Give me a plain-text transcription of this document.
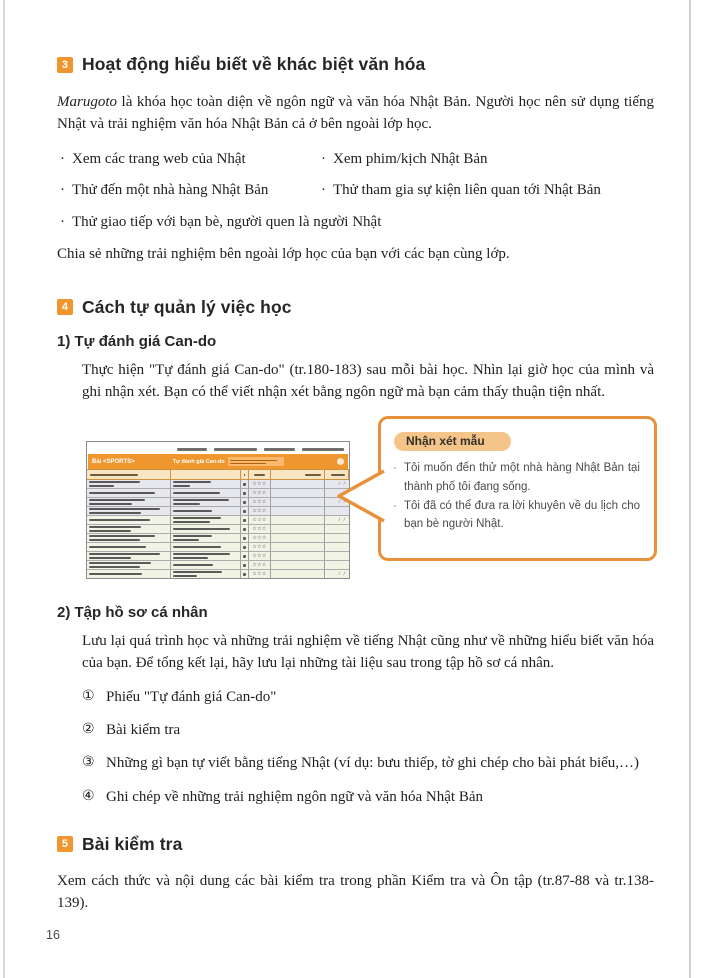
3 Hoạt động hiểu biết về khác biệt văn hóa

Marugoto là khóa học toàn diện về ngôn ngữ và văn hóa Nhật Bản. Người học nên sử dụng tiếng Nhật và trải nghiệm văn hóa Nhật Bản cả ở bên ngoài lớp học.

· Xem các trang web của Nhật	· Xem phim/kịch Nhật Bản
· Thử đến một nhà hàng Nhật Bản	· Thử tham gia sự kiện liên quan tới Nhật Bản
· Thử giao tiếp với bạn bè, người quen là người Nhật

Chia sẻ những trải nghiệm bên ngoài lớp học của bạn với các bạn cùng lớp.

4 Cách tự quản lý việc học
1) Tự đánh giá Can-do

Thực hiện "Tự đánh giá Can-do" (tr.180-183) sau mỗi bài học. Nhìn lại giờ học của mình và ghi nhận xét. Bạn có thể viết nhận xét bằng ngôn ngữ mà bạn cảm thấy thuận tiện nhất.

Bài <SPORTS>	Tự đánh giá Can-do
☆☆☆	/ /
☆☆☆
☆☆☆	/ /
☆☆☆
☆☆☆	/ /
☆☆☆
☆☆☆
☆☆☆
☆☆☆
☆☆☆
☆☆☆	/ /
Nhận xét mẫu
· Tôi muốn đến thử một nhà hàng Nhật Bản tại thành phố tôi đang sống.
· Tôi đã có thể đưa ra lời khuyên về du lịch cho bạn bè người Nhật.
2) Tập hồ sơ cá nhân

Lưu lại quá trình học và những trải nghiệm về tiếng Nhật cũng như về những hiểu biết văn hóa của bạn. Để tổng kết lại, hãy lưu lại những tài liệu sau trong tập hồ sơ cá nhân.

① Phiếu "Tự đánh giá Can-do"
② Bài kiểm tra
③ Những gì bạn tự viết bằng tiếng Nhật (ví dụ: bưu thiếp, tờ ghi chép cho bài phát biểu,…)
④ Ghi chép về những trải nghiệm ngôn ngữ và văn hóa Nhật Bản
5 Bài kiểm tra

Xem cách thức và nội dung các bài kiểm tra trong phần Kiểm tra và Ôn tập (tr.87-88 và tr.138-139).

16
